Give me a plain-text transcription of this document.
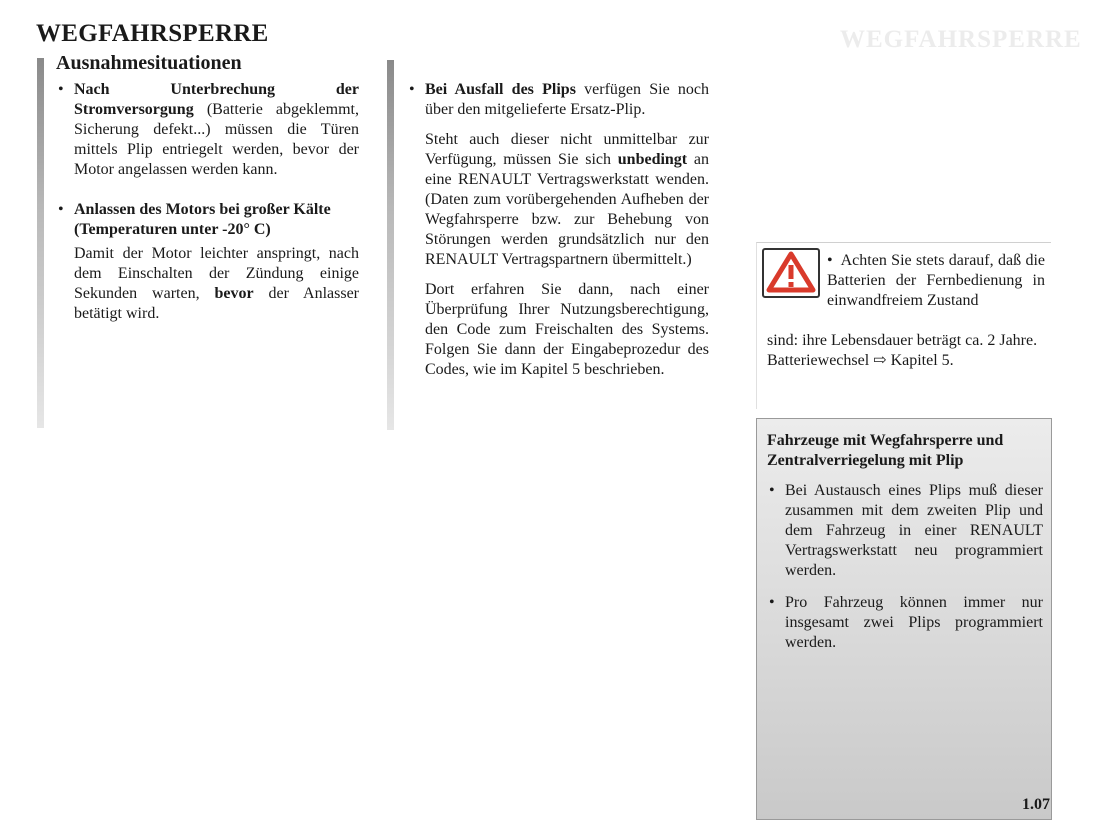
WEGFAHRSPERRE	WEGFAHRSPERRE
Ausnahmesituationen
• Nach Unterbrechung der Stromversorgung (Batterie abgeklemmt, Sicherung defekt...) müssen die Türen mittels Plip entriegelt werden, bevor der Motor angelassen werden kann.
• Anlassen des Motors bei großer Kälte
(Temperaturen unter -20° C)

Damit der Motor leichter anspringt, nach dem Einschalten der Zündung einige Sekunden warten, bevor der Anlasser betätigt wird.

• Bei Ausfall des Plips verfügen Sie noch über den mitgelieferte Ersatz-Plip.

Steht auch dieser nicht unmittelbar zur Verfügung, müssen Sie sich unbedingt an eine RENAULT Vertragswerkstatt wenden. (Daten zum vorübergehenden Aufheben der Wegfahrsperre bzw. zur Behebung von Störungen werden grundsätzlich nur den RENAULT Vertragspartnern übermittelt.)

Dort erfahren Sie dann, nach einer Überprüfung Ihrer Nutzungsberechtigung, den Code zum Freischalten des Systems. Folgen Sie dann der Eingabeprozedur des Codes, wie im Kapitel 5 beschrieben.

• Achten Sie stets darauf, daß die Batterien der Fernbedienung in einwandfreiem Zustand
sind: ihre Lebensdauer beträgt ca. 2 Jahre.
Batteriewechsel ⇨ Kapitel 5.
Fahrzeuge mit Wegfahrsperre und Zentralverriegelung mit Plip
• Bei Austausch eines Plips muß dieser zusammen mit dem zweiten Plip und dem Fahrzeug in einer RENAULT Vertragswerkstatt neu programmiert werden.
• Pro Fahrzeug können immer nur insgesamt zwei Plips programmiert werden.
1.07
